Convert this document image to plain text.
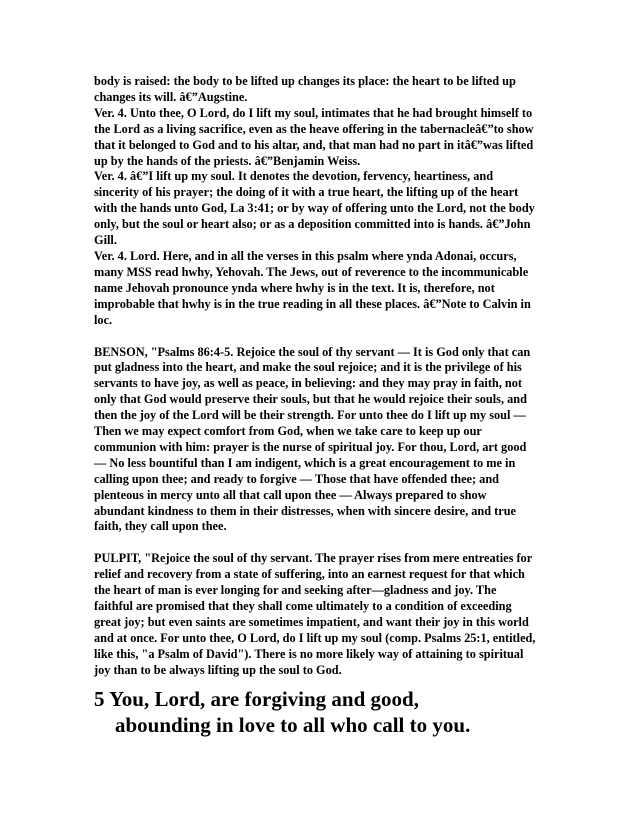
body is raised: the body to be lifted up changes its place: the heart to be lifted up
changes its will. â€”Augstine.
Ver. 4. Unto thee, O Lord, do I lift my soul, intimates that he had brought himself to
the Lord as a living sacrifice, even as the heave offering in the tabernacleâ€”to show
that it belonged to God and to his altar, and, that man had no part in itâ€”was lifted
up by the hands of the priests. â€”Benjamin Weiss.
Ver. 4. â€”I lift up my soul. It denotes the devotion, fervency, heartiness, and
sincerity of his prayer; the doing of it with a true heart, the lifting up of the heart
with the hands unto God, La 3:41; or by way of offering unto the Lord, not the body
only, but the soul or heart also; or as a deposition committed into is hands. â€”John
Gill.
Ver. 4. Lord. Here, and in all the verses in this psalm where ynda Adonai, occurs,
many MSS read hwhy, Yehovah. The Jews, out of reverence to the incommunicable
name Jehovah pronounce ynda where hwhy is in the text. It is, therefore, not
improbable that hwhy is in the true reading in all these places. â€”Note to Calvin in
loc.

BENSON, "Psalms 86:4-5. Rejoice the soul of thy servant — It is God only that can
put gladness into the heart, and make the soul rejoice; and it is the privilege of his
servants to have joy, as well as peace, in believing: and they may pray in faith, not
only that God would preserve their souls, but that he would rejoice their souls, and
then the joy of the Lord will be their strength. For unto thee do I lift up my soul —
Then we may expect comfort from God, when we take care to keep up our
communion with him: prayer is the nurse of spiritual joy. For thou, Lord, art good
— No less bountiful than I am indigent, which is a great encouragement to me in
calling upon thee; and ready to forgive — Those that have offended thee; and
plenteous in mercy unto all that call upon thee — Always prepared to show
abundant kindness to them in their distresses, when with sincere desire, and true
faith, they call upon thee.

PULPIT, "Rejoice the soul of thy servant. The prayer rises from mere entreaties for
relief and recovery from a state of suffering, into an earnest request for that which
the heart of man is ever longing for and seeking after—gladness and joy. The
faithful are promised that they shall come ultimately to a condition of exceeding
great joy; but even saints are sometimes impatient, and want their joy in this world
and at once. For unto thee, O Lord, do I lift up my soul (comp. Psalms 25:1, entitled,
like this, "a Psalm of David"). There is no more likely way of attaining to spiritual
joy than to be always lifting up the soul to God.

5 You, Lord, are forgiving and good,
abounding in love to all who call to you.
